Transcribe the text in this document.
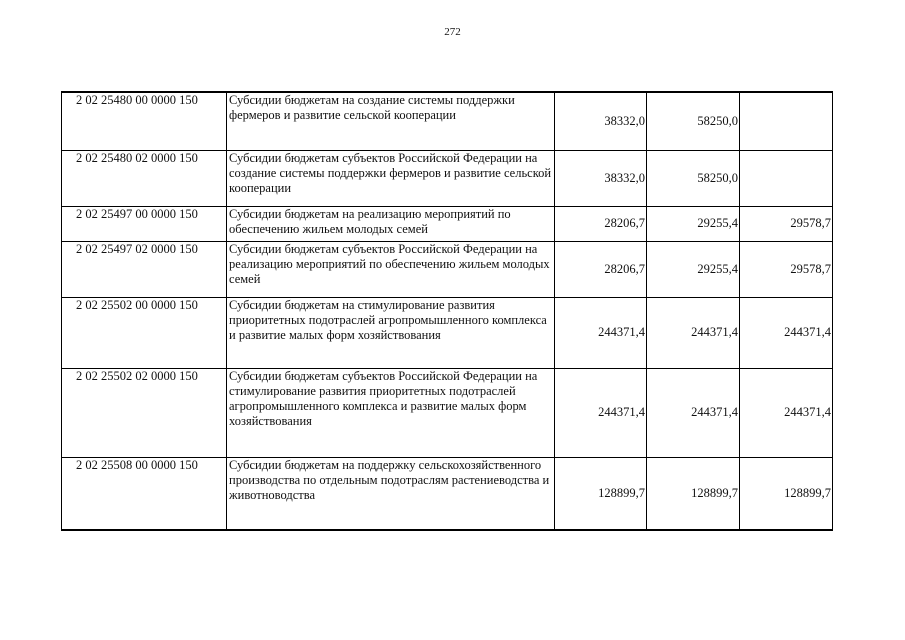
272
2 02 25480 00 0000 150	Субсидии бюджетам на создание системы поддержки фермеров и развитие сельской кооперации	38332,0	58250,0	
2 02 25480 02 0000 150	Субсидии бюджетам субъектов Российской Федерации на создание системы поддержки фермеров и развитие сельской кооперации	38332,0	58250,0	
2 02 25497 00 0000 150	Субсидии бюджетам на реализацию мероприятий по обеспечению жильем молодых семей	28206,7	29255,4	29578,7
2 02 25497 02 0000 150	Субсидии бюджетам субъектов Российской Федерации на реализацию мероприятий по обеспечению жильем молодых семей	28206,7	29255,4	29578,7
2 02 25502 00 0000 150	Субсидии бюджетам на стимулирование развития приоритетных подотраслей агропромышленного комплекса и развитие малых форм хозяйствования	244371,4	244371,4	244371,4
2 02 25502 02 0000 150	Субсидии бюджетам субъектов Российской Федерации на стимулирование развития приоритетных подотраслей агропромышленного комплекса и развитие малых форм хозяйствования	244371,4	244371,4	244371,4
2 02 25508 00 0000 150	Субсидии бюджетам на поддержку сельскохозяйственного производства по отдельным подотраслям растениеводства и животноводства	128899,7	128899,7	128899,7
